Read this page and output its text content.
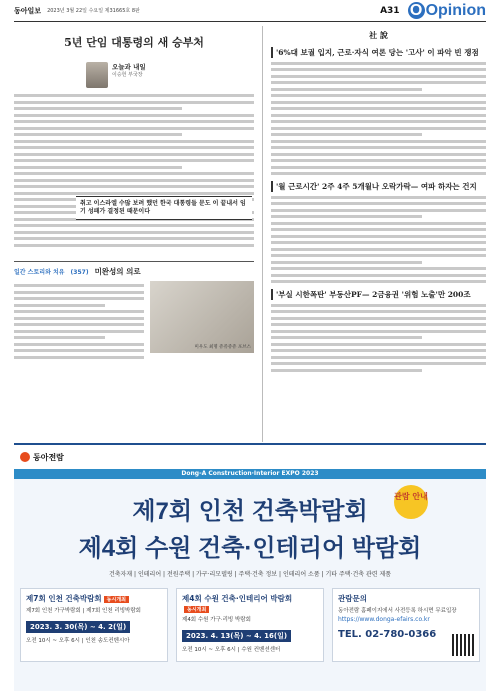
동아일보 2023년 3월 22일 수요일 제31665호 8판	A31 O Opinion
5년 단임 대통령의 새 승부처
오늘과 내일
이승헌 부국장
취고 이스라엘 수많 보려 했던 한국 대통령들 문도 이 끝내서 임기 성패가 결정된 때문이다
일간 스토리와 치유 (357) 미완성의 의로
미우도 최명 쥬쥬쥬쥬 포브스
社 說
'6%대 보궐 입지, 근로·자식 여론 당는 '고사' 이 파악 빈 쟁점
'월 근로시간' 2주 4주 5개월나 오락가락— 여파 하자는 건지
'부실 시한폭탄' 부동산PF— 2금융권 '위험 노출'만 200조
동아전람
Dong-A Construction·Interior EXPO 2023
제7회 인천 건축박람회
제4회 수원 건축·인테리어 박람회
관람 안내
건축자재 | 인테리어 | 전원주택 | 가구·리모델링 | 주택·건축 정보 | 인테리어 소품 | 기타 주택·건축 관련 제품
제7회 인천 건축박람회 동시개최
제7회 인천 가구박람회 | 제7회 인천 리빙박람회
2023. 3. 30(목) ~ 4. 2(일)
오전 10시 ~ 오후 6시 | 인천 송도컨벤시아
제4회 수원 건축·인테리어 박람회동시개최
제4회 수원 가구·리빙 박람회
2023. 4. 13(목) ~ 4. 16(일)
오전 10시 ~ 오후 6시 | 수원 컨벤션센터
관람문의
동아전람 홈페이지에서 사전등록 하시면 무료입장
https://www.donga-efairs.co.kr
TEL. 02-780-0366
